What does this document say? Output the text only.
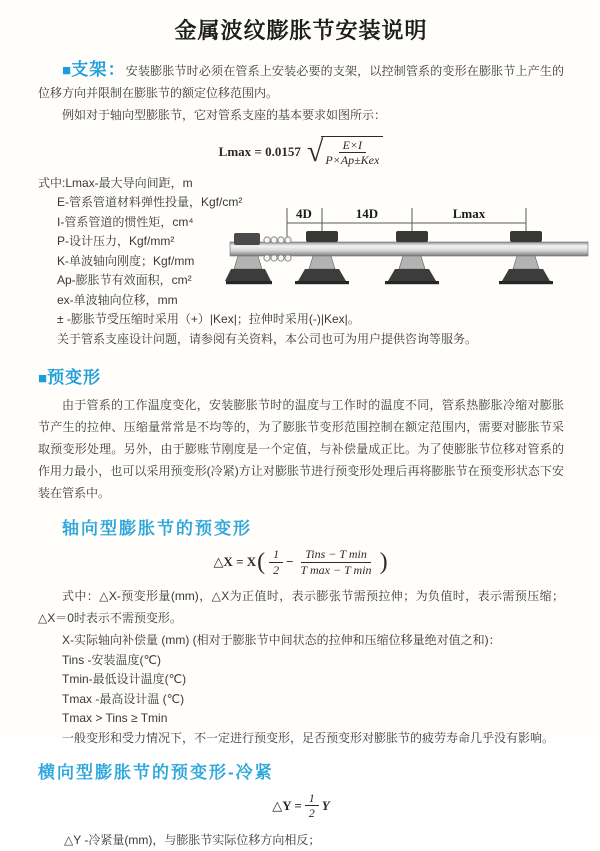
金属波纹膨胀节安装说明

■支架：安装膨胀节时必须在管系上安装必要的支架，以控制管系的变形在膨胀节上产生的位移方向并限制在膨胀节的额定位移范围内。

例如对于轴向型膨胀节，它对管系支座的基本要求如图所示：

Lmax = 0.0157 √
$\frac{E\times I}{\text{P×Ap±Kex}}$
式中:Lmax-最大导向间距，m
E-管系管道材料弹性投量，Kgf/cm²
I-管系管道的惯性矩，cm⁴
P-设计压力，Kgf/mm²
K-单波轴向刚度；Kgf/mm
Ap-膨胀节有效面积，cm²
ex-单波轴向位移，mm
± -膨胀节受压缩时采用（+）|Kex|；拉伸时采用(-)|Kex|。
关于管系支座设计问题，请参阅有关资料，本公司也可为用户提供咨询等服务。
4D	14D	Lmax
■预变形

由于管系的工作温度变化，安装膨胀节时的温度与工作时的温度不同，管系热膨胀冷缩对膨胀节产生的拉伸、压缩量常常是不均等的，为了膨胀节变形范围控制在额定范围内，需要对膨胀节采取预变形处理。另外，由于膨账节刚度是一个定值，与补偿量成正比。为了使膨胀节位移对管系的作用力最小，也可以采用预变形(冷紧)方让对膨胀节进行预变形处理后再将膨胀节在预变形状态下安装在管系中。

轴向型膨胀节的预变形
△X = X ( $\frac{1}{2} - \frac{\text{Tins − T min}}{\text{T max − T min}}$ )

式中：△X-预变形量(mm)，△X为正值时，表示膨张节需预拉伸；为负值时，表示需预压缩；△X＝0时表示不需预变形。

X-实际轴向补偿量 (mm) (相对于膨胀节中间状态的拉伸和压缩位移量绝对值之和)：
Tins -安装温度(℃)
Tmin-最低设计温度(℃)
Tmax -最高设计温 (℃)
Tmax > Tins ≥ Tmin
一般变形和受力情况下，不一定进行预变形，足否预变形对膨胀节的疲劳寿命几乎没有影响。
横向型膨胀节的预变形-冷紧
△Y = $\frac{1}{2}$ Y

△Y -冷紧量(mm)，与膨胀节实际位移方向相反；
